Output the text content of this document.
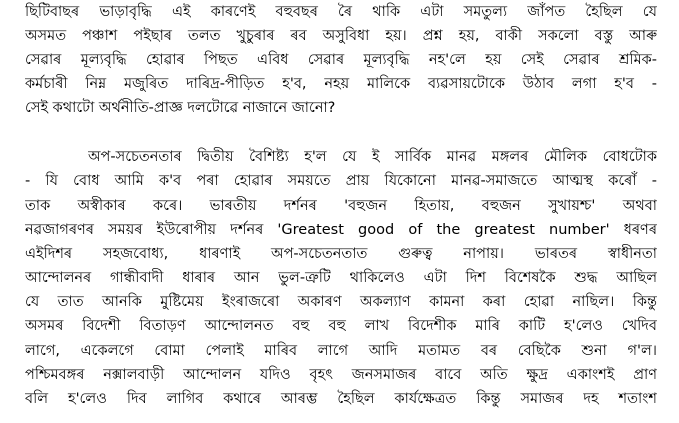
ছিটিবাছৰ ভাড়াবৃদ্ধি এই কাৰণেই বহুবছৰ ৰৈ থাকি এটা সমতুল্য জাঁপত হৈছিল যে
অসমত পঞ্চাশ পইছাৰ তলত খুচুৰাৰ ৰব অসুবিধা হয়। প্ৰশ্ন হয়, বাকী সকলো বস্তু আৰু
সেৱাৰ মূল্যবৃদ্ধি হোৱাৰ পিছত এবিধ সেৱাৰ মূল্যবৃদ্ধি নহ'লে হয় সেই সেৱাৰ শ্ৰমিক-
কৰ্মচাৰী নিম্ন মজুৰিত দাৰিদ্ৰ-পীড়িত হ'ব, নহয় মালিকে ব্যৱসায়টোকে উঠাব লগা হ'ব -
সেই কথাটো অৰ্থনীতি-প্ৰাজ্ঞ দলটোৱে নাজানে জানো?
অপ-সচেতনতাৰ দ্বিতীয় বৈশিষ্ট্য হ'ল যে ই সাৰ্বিক মানৱ মঙ্গলৰ মৌলিক বোধটোক
- যি বোধ আমি ক'ব পৰা হোৱাৰ সময়তে প্ৰায় যিকোনো মানৱ-সমাজতে আত্মস্থ কৰোঁ -
তাক অস্বীকাৰ কৰে। ভাৰতীয় দৰ্শনৰ 'বহুজন হিতায়, বহুজন সুখায়শ্চ' অথবা
নৱজাগৰণৰ সময়ৰ ইউৰোপীয় দৰ্শনৰ 'Greatest good of the greatest number' ধৰণৰ
এইদিশৰ সহজবোধ্য, ধাৰণাই অপ-সচেতনতাত গুৰুত্ব নাপায়। ভাৰতৰ স্বাধীনতা
আন্দোলনৰ গান্ধীবাদী ধাৰাৰ আন ভুল-ত্ৰুটি থাকিলেও এটা দিশ বিশেষকৈ শুদ্ধ আছিল
যে তাত আনকি মুষ্টিমেয় ইংৰাজৰো অকাৰণ অকল্যাণ কামনা কৰা হোৱা নাছিল। কিন্তু
অসমৰ বিদেশী বিতাড়ণ আন্দোলনত বহু বহু লাখ বিদেশীক মাৰি কাটি হ'লেও খেদিব
লাগে, একেলগে বোমা পেলাই মাৰিব লাগে আদি মতামত বৰ বেছিকৈ শুনা গ'ল।
পশ্চিমবঙ্গৰ নক্সালবাড়ী আন্দোলন যদিও বৃহৎ জনসমাজৰ বাবে অতি ক্ষুদ্ৰ একাংশই প্ৰাণ
বলি হ'লেও দিব লাগিব কথাৰে আৰম্ভ হৈছিল কাৰ্যক্ষেত্ৰত কিন্তু সমাজৰ দহ শতাংশ
